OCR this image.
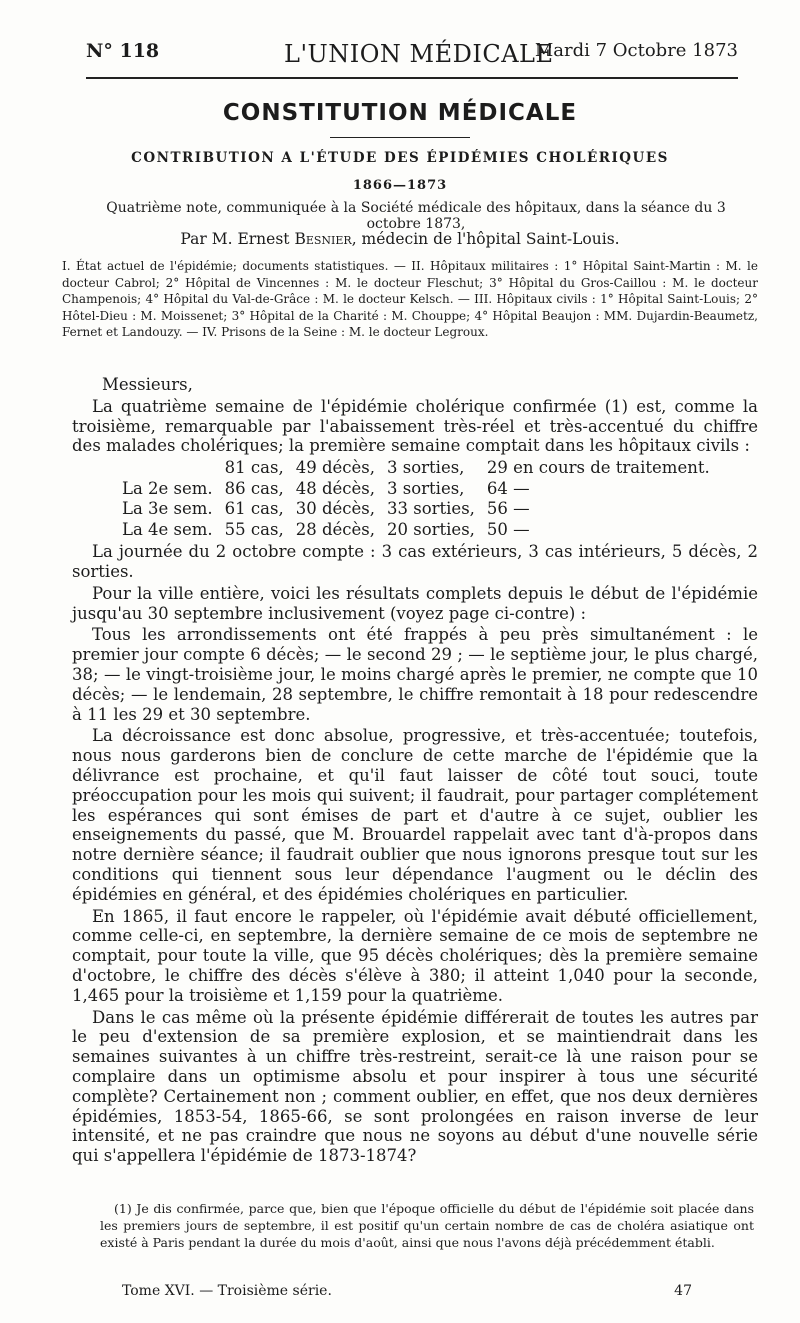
N° 118	L'UNION MÉDICALE
Mardi 7 Octobre 1873
CONSTITUTION MÉDICALE
CONTRIBUTION A L'ÉTUDE DES ÉPIDÉMIES CHOLÉRIQUES
1866—1873
Quatrième note, communiquée à la Société médicale des hôpitaux, dans la séance du 3 octobre 1873,
Par M. Ernest Besnier, médecin de l'hôpital Saint-Louis.
I. État actuel de l'épidémie; documents statistiques. — II. Hôpitaux militaires : 1° Hôpital Saint-Martin : M. le docteur Cabrol; 2° Hôpital de Vincennes : M. le docteur Fleschut; 3° Hôpital du Gros-Caillou : M. le docteur Champenois; 4° Hôpital du Val-de-Grâce : M. le docteur Kelsch. — III. Hôpitaux civils : 1° Hôpital Saint-Louis; 2° Hôtel-Dieu : M. Moissenet; 3° Hôpital de la Charité : M. Chouppe; 4° Hôpital Beaujon : MM. Dujardin-Beaumetz, Fernet et Landouzy. — IV. Prisons de la Seine : M. le docteur Legroux.

Messieurs,

La quatrième semaine de l'épidémie cholérique confirmée (1) est, comme la troisième, remarquable par l'abaissement très-réel et très-accentué du chiffre des malades cholériques; la première semaine comptait dans les hôpitaux civils :

	81 cas,	49 décès,	3 sorties,	29 en cours de traitement.
La 2e sem.	86 cas,	48 décès,	3 sorties,	64 —
La 3e sem.	61 cas,	30 décès,	33 sorties,	56 —
La 4e sem.	55 cas,	28 décès,	20 sorties,	50 —

La journée du 2 octobre compte : 3 cas extérieurs, 3 cas intérieurs, 5 décès, 2 sorties.

Pour la ville entière, voici les résultats complets depuis le début de l'épidémie jusqu'au 30 septembre inclusivement (voyez page ci-contre) :

Tous les arrondissements ont été frappés à peu près simultanément : le premier jour compte 6 décès; — le second 29 ; — le septième jour, le plus chargé, 38; — le vingt-troisième jour, le moins chargé après le premier, ne compte que 10 décès; — le lendemain, 28 septembre, le chiffre remontait à 18 pour redescendre à 11 les 29 et 30 septembre.

La décroissance est donc absolue, progressive, et très-accentuée; toutefois, nous nous garderons bien de conclure de cette marche de l'épidémie que la délivrance est prochaine, et qu'il faut laisser de côté tout souci, toute préoccupation pour les mois qui suivent; il faudrait, pour partager complétement les espérances qui sont émises de part et d'autre à ce sujet, oublier les enseignements du passé, que M. Brouardel rappelait avec tant d'à-propos dans notre dernière séance; il faudrait oublier que nous ignorons presque tout sur les conditions qui tiennent sous leur dépendance l'augment ou le déclin des épidémies en général, et des épidémies cholériques en particulier.

En 1865, il faut encore le rappeler, où l'épidémie avait débuté officiellement, comme celle-ci, en septembre, la dernière semaine de ce mois de septembre ne comptait, pour toute la ville, que 95 décès cholériques; dès la première semaine d'octobre, le chiffre des décès s'élève à 380; il atteint 1,040 pour la seconde, 1,465 pour la troisième et 1,159 pour la quatrième.

Dans le cas même où la présente épidémie différerait de toutes les autres par le peu d'extension de sa première explosion, et se maintiendrait dans les semaines suivantes à un chiffre très-restreint, serait-ce là une raison pour se complaire dans un optimisme absolu et pour inspirer à tous une sécurité complète? Certainement non ; comment oublier, en effet, que nos deux dernières épidémies, 1853-54, 1865-66, se sont prolongées en raison inverse de leur intensité, et ne pas craindre que nous ne soyons au début d'une nouvelle série qui s'appellera l'épidémie de 1873-1874?

(1) Je dis confirmée, parce que, bien que l'époque officielle du début de l'épidémie soit placée dans les premiers jours de septembre, il est positif qu'un certain nombre de cas de choléra asiatique ont existé à Paris pendant la durée du mois d'août, ainsi que nous l'avons déjà précédemment établi.
Tome XVI. — Troisième série.	47
